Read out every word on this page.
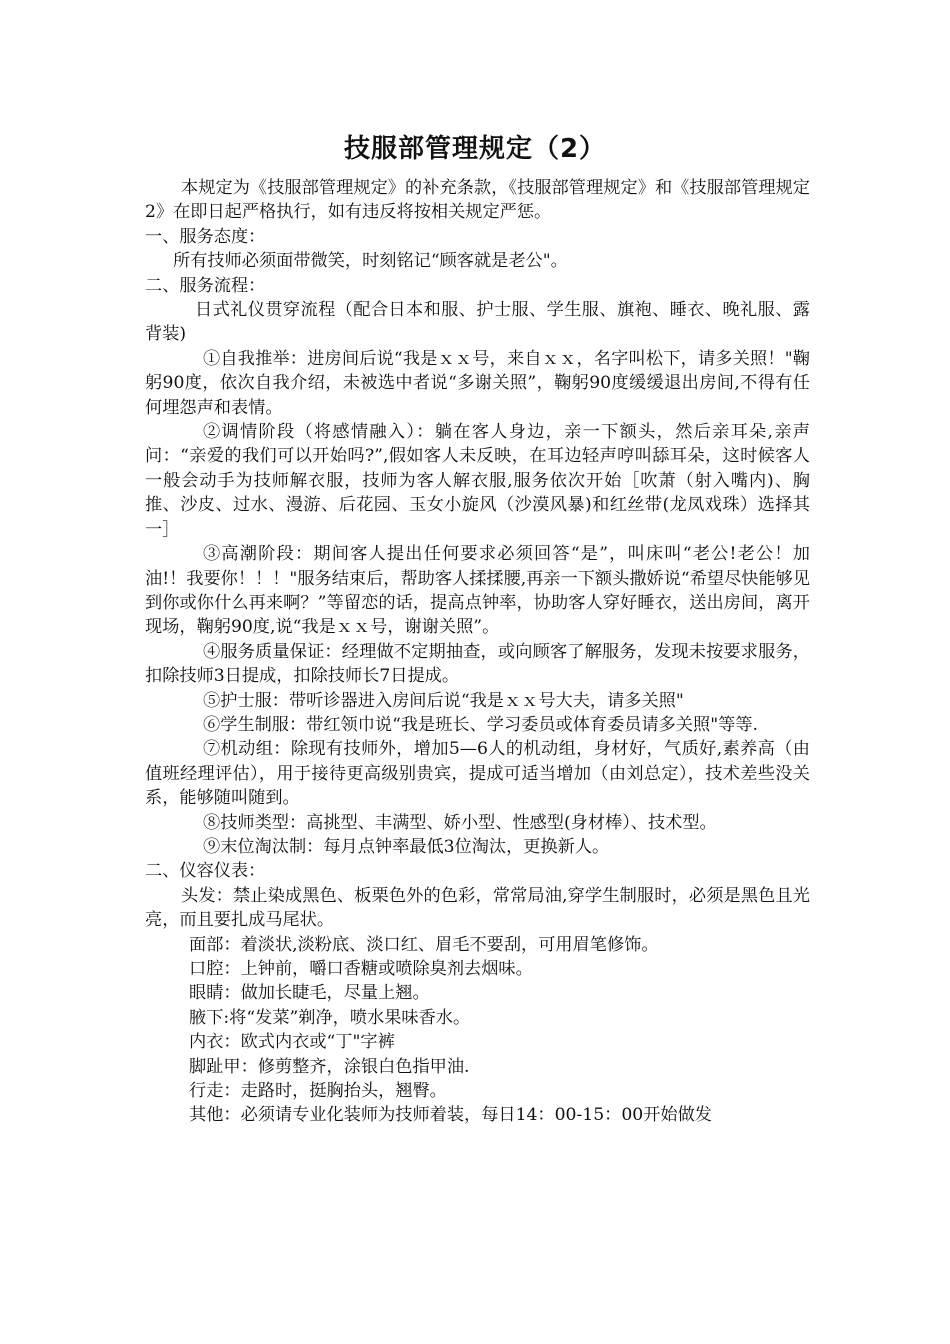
技服部管理规定（2）

本规定为《技服部管理规定》的补充条款，《技服部管理规定》和《技服部管理规定2》在即日起严格执行，如有违反将按相关规定严惩。

一、服务态度：

所有技师必须面带微笑，时刻铭记“顾客就是老公"。

二、服务流程：

日式礼仪贯穿流程（配合日本和服、护士服、学生服、旗袍、睡衣、晚礼服、露背装)

①自我推举：进房间后说“我是ｘｘ号，来自ｘｘ，名字叫松下，请多关照！"鞠躬90度，依次自我介绍，未被选中者说“多谢关照”，鞠躬90度缓缓退出房间,不得有任何埋怨声和表情。

②调情阶段（将感情融入）：躺在客人身边，亲一下额头，然后亲耳朵,亲声问：“亲爱的我们可以开始吗?”,假如客人未反映，在耳边轻声哼叫舔耳朵，这时候客人一般会动手为技师解衣服，技师为客人解衣服,服务依次开始［吹萧（射入嘴内)、胸推、沙皮、过水、漫游、后花园、玉女小旋风（沙漠风暴)和红丝带(龙凤戏珠）选择其一］

③高潮阶段：期间客人提出任何要求必须回答“是”，叫床叫“老公!老公！加油!！我要你！！！"服务结束后，帮助客人揉揉腰,再亲一下额头撒娇说“希望尽快能够见到你或你什么再来啊？”等留恋的话，提高点钟率，协助客人穿好睡衣，送出房间，离开现场，鞠躬90度,说“我是ｘｘ号，谢谢关照”。

④服务质量保证：经理做不定期抽查，或向顾客了解服务，发现未按要求服务，扣除技师3日提成，扣除技师长7日提成。

⑤护士服：带听诊器进入房间后说“我是ｘｘ号大夫，请多关照"

⑥学生制服：带红领巾说“我是班长、学习委员或体育委员请多关照"等等.

⑦机动组：除现有技师外，增加5—6人的机动组，身材好，气质好,素养高（由值班经理评估），用于接待更高级别贵宾，提成可适当增加（由刘总定），技术差些没关系，能够随叫随到。

⑧技师类型：高挑型、丰满型、娇小型、性感型(身材棒）、技术型。

⑨末位淘汰制：每月点钟率最低3位淘汰，更换新人。

二、仪容仪表：

头发：禁止染成黑色、板栗色外的色彩，常常局油,穿学生制服时，必须是黑色且光亮，而且要扎成马尾状。

面部：着淡状,淡粉底、淡口红、眉毛不要刮，可用眉笔修饰。

口腔：上钟前，嚼口香糖或喷除臭剂去烟味。

眼睛：做加长睫毛，尽量上翘。

腋下:将“发菜”剃净，喷水果味香水。

内衣：欧式内衣或“丁"字裤

脚趾甲：修剪整齐，涂银白色指甲油.

行走：走路时，挺胸抬头，翘臀。

其他：必须请专业化装师为技师着装，每日14：00-15：00开始做发
